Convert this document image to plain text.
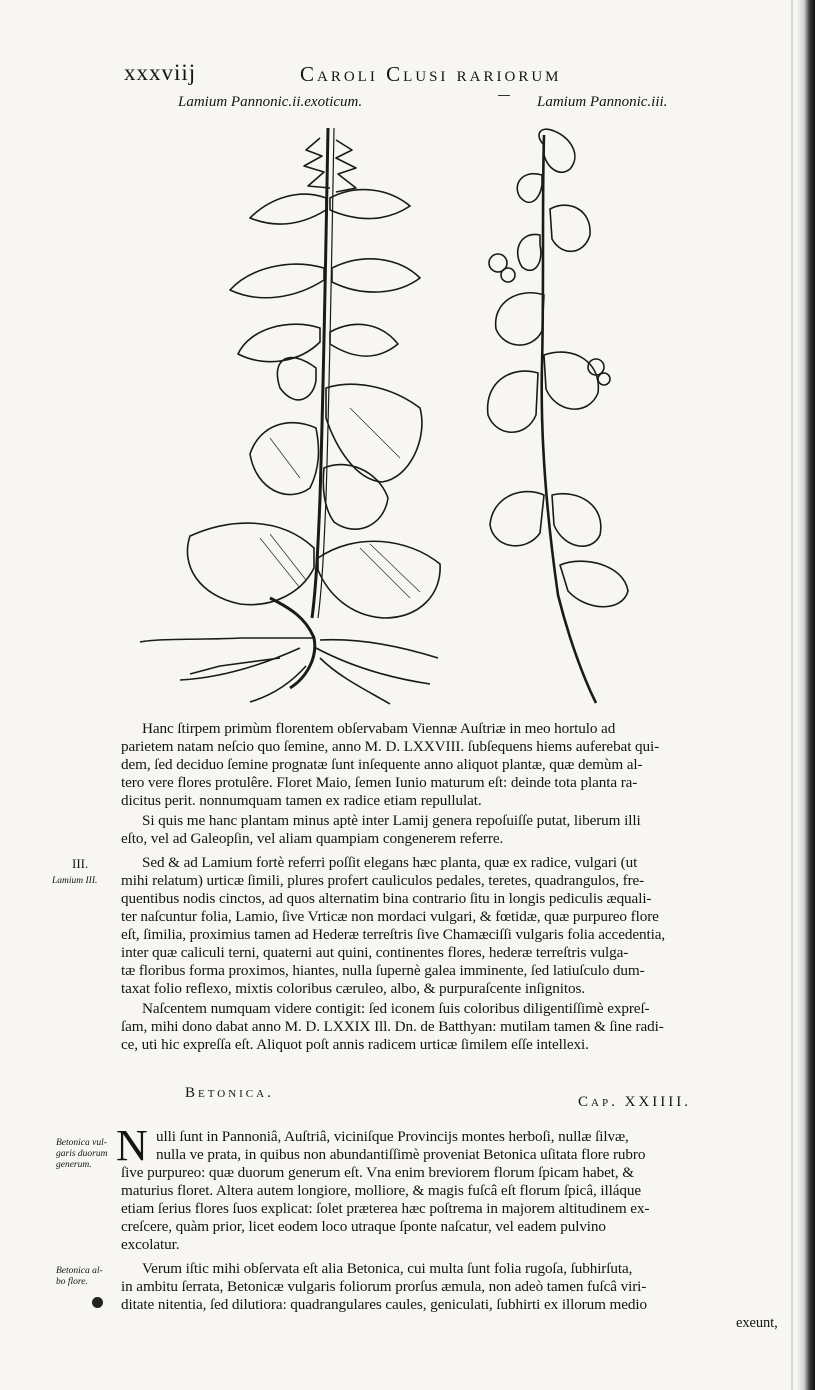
xxxviij	Caroli Clusi rariorum
Lamium Pannonic.ii.exoticum.	Lamium Pannonic.iii.
Hanc ſtirpem primùm florentem obſervabam Viennæ Auſtriæ in meo hortulo ad
parietem natam neſcio quo ſemine, anno M. D. LXXVIII. ſubſequens hiems auferebat qui-
dem, ſed deciduo ſemine prognatæ ſunt inſequente anno aliquot plantæ, quæ demùm al-
tero vere flores protulêre. Floret Maio, ſemen Iunio maturum eſt: deinde tota planta ra-
dicitus perit. nonnumquam tamen ex radice etiam repullulat.
Si quis me hanc plantam minus aptè inter Lamij genera repoſuiſſe putat, liberum illi
eſto, vel ad Galeopſin, vel aliam quampiam congenerem referre.
III.
Lamium III.
Sed & ad Lamium fortè referri poſſit elegans hæc planta, quæ ex radice, vulgari (ut
mihi relatum) urticæ ſimili, plures profert cauliculos pedales, teretes, quadrangulos, fre-
quentibus nodis cinctos, ad quos alternatim bina contrario ſitu in longis pediculis æquali-
ter naſcuntur folia, Lamio, ſive Vrticæ non mordaci vulgari, & fœtidæ, quæ purpureo flore
eſt, ſimilia, proximius tamen ad Hederæ terreſtris ſive Chamæciſſi vulgaris folia accedentia,
inter quæ caliculi terni, quaterni aut quini, continentes flores, hederæ terreſtris vulga-
tæ floribus forma proximos, hiantes, nulla ſupernè galea imminente, ſed latiuſculo dum-
taxat folio reflexo, mixtis coloribus cæruleo, albo, & purpuraſcente inſignitos.
Naſcentem numquam videre contigit: ſed iconem ſuis coloribus diligentiſſimè expreſ-
ſam, mihi dono dabat anno M. D. LXXIX Ill. Dn. de Batthyan: mutilam tamen & ſine radi-
ce, uti hic expreſſa eſt. Aliquot poſt annis radicem urticæ ſimilem eſſe intellexi.
Betonica.
Cap. XXIIII.
Betonica vul-
garis duorum
generum.
Betonica al-
bo flore.
N ulli ſunt in Pannoniâ, Auſtriâ, viciniſque Provincijs montes herboſi, nullæ ſilvæ,
nulla ve prata, in quibus non abundantiſſimè proveniat Betonica uſitata flore rubro
ſive purpureo: quæ duorum generum eſt. Vna enim breviorem florum ſpicam habet, &
maturius floret. Altera autem longiore, molliore, & magis fuſcâ eſt florum ſpicâ, illáque
etiam ſerius flores ſuos explicat: ſolet præterea hæc poſtrema in majorem altitudinem ex-
creſcere, quàm prior, licet eodem loco utraque ſponte naſcatur, vel eadem pulvino
excolatur.
Verum iſtic mihi obſervata eſt alia Betonica, cui multa ſunt folia rugoſa, ſubhirſuta,
in ambitu ſerrata, Betonicæ vulgaris foliorum prorſus æmula, non adeò tamen fuſcâ viri-
ditate nitentia, ſed dilutiora: quadrangulares caules, geniculati, ſubhirti ex illorum medio
exeunt,
